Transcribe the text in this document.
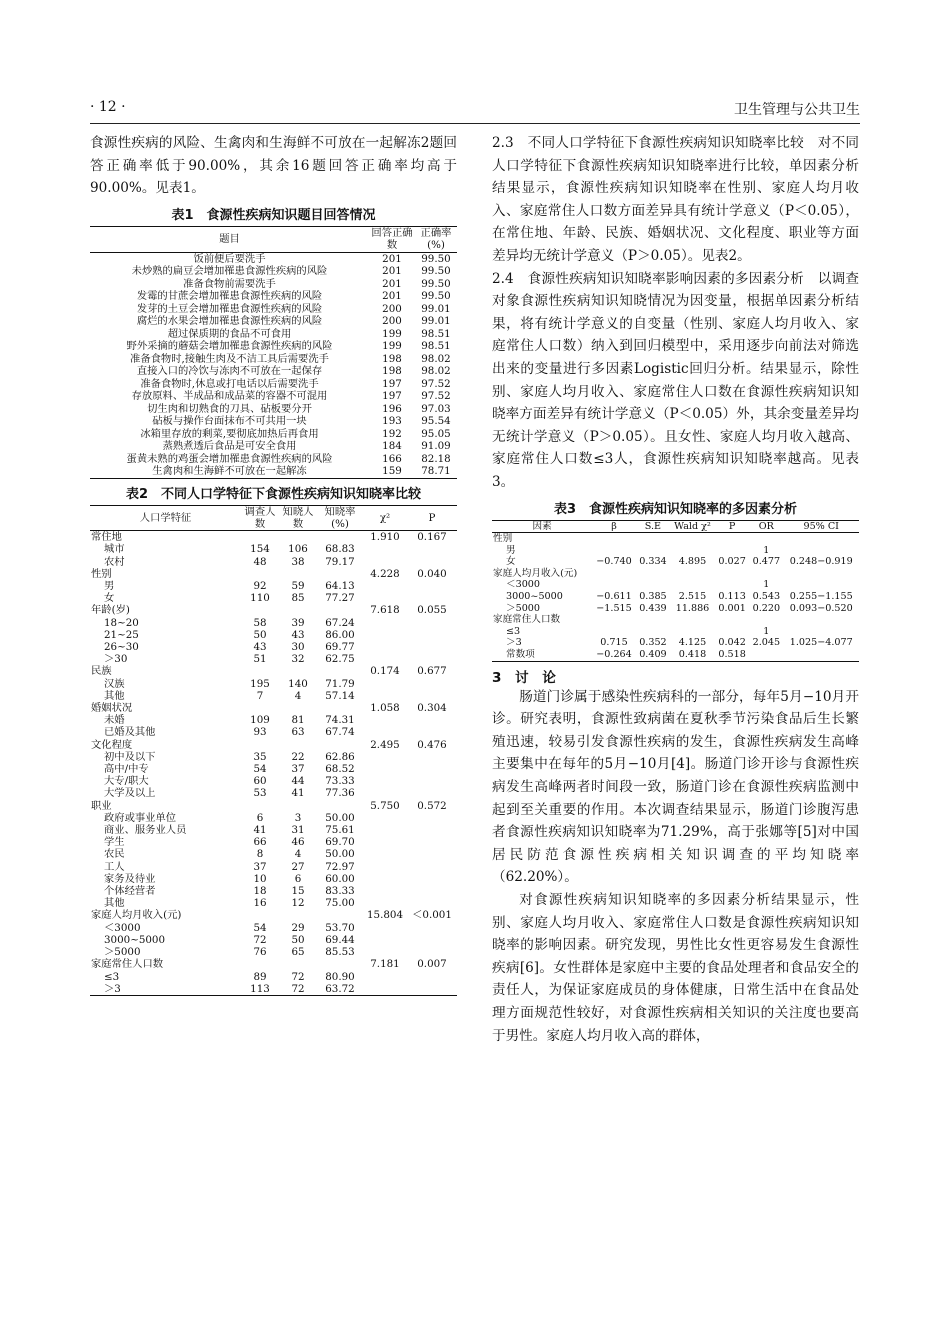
· 12 ·	卫生管理与公共卫生

食源性疾病的风险、生禽肉和生海鲜不可放在一起解冻2题回答正确率低于90.00%，其余16题回答正确率均高于90.00%。见表1。

表1　食源性疾病知识题目回答情况
题目	回答正确数	正确率(%)
饭前便后要洗手	201	99.50
未炒熟的扁豆会增加罹患食源性疾病的风险	201	99.50
准备食物前需要洗手	201	99.50
发霉的甘蔗会增加罹患食源性疾病的风险	201	99.50
发芽的土豆会增加罹患食源性疾病的风险	200	99.01
腐烂的水果会增加罹患食源性疾病的风险	200	99.01
超过保质期的食品不可食用	199	98.51
野外采摘的蘑菇会增加罹患食源性疾病的风险	199	98.51
准备食物时,接触生肉及不洁工具后需要洗手	198	98.02
直接入口的冷饮与冻肉不可放在一起保存	198	98.02
准备食物时,休息或打电话以后需要洗手	197	97.52
存放原料、半成品和成品菜的容器不可混用	197	97.52
切生肉和切熟食的刀具、砧板要分开	196	97.03
砧板与操作台面抹布不可共用一块	193	95.54
冰箱里存放的剩菜,要彻底加热后再食用	192	95.05
蒸熟煮透后食品是可安全食用	184	91.09
蛋黄未熟的鸡蛋会增加罹患食源性疾病的风险	166	82.18
生禽肉和生海鲜不可放在一起解冻	159	78.71
表2　不同人口学特征下食源性疾病知识知晓率比较
人口学特征	调查人数	知晓人数	知晓率(%)	χ²	P
常住地				1.910	0.167
城市	154	106	68.83		
农村	48	38	79.17		
性别				4.228	0.040
男	92	59	64.13		
女	110	85	77.27		
年龄(岁)				7.618	0.055
18~20	58	39	67.24		
21~25	50	43	86.00		
26~30	43	30	69.77		
＞30	51	32	62.75		
民族				0.174	0.677
汉族	195	140	71.79		
其他	7	4	57.14		
婚姻状况				1.058	0.304
未婚	109	81	74.31		
已婚及其他	93	63	67.74		
文化程度				2.495	0.476
初中及以下	35	22	62.86		
高中/中专	54	37	68.52		
大专/职大	60	44	73.33		
大学及以上	53	41	77.36		
职业				5.750	0.572
政府或事业单位	6	3	50.00		
商业、服务业人员	41	31	75.61		
学生	66	46	69.70		
农民	8	4	50.00		
工人	37	27	72.97		
家务及待业	10	6	60.00		
个体经营者	18	15	83.33		
其他	16	12	75.00		
家庭人均月收入(元)				15.804	＜0.001
＜3000	54	29	53.70		
3000~5000	72	50	69.44		
＞5000	76	65	85.53		
家庭常住人口数				7.181	0.007
≤3	89	72	80.90		
＞3	113	72	63.72		

2.3　不同人口学特征下食源性疾病知识知晓率比较　对不同人口学特征下食源性疾病知识知晓率进行比较，单因素分析结果显示，食源性疾病知识知晓率在性别、家庭人均月收入、家庭常住人口数方面差异具有统计学意义（P＜0.05），在常住地、年龄、民族、婚姻状况、文化程度、职业等方面差异均无统计学意义（P＞0.05）。见表2。

2.4　食源性疾病知识知晓率影响因素的多因素分析　以调查对象食源性疾病知识知晓情况为因变量，根据单因素分析结果，将有统计学意义的自变量（性别、家庭人均月收入、家庭常住人口数）纳入到回归模型中，采用逐步向前法对筛选出来的变量进行多因素Logistic回归分析。结果显示，除性别、家庭人均月收入、家庭常住人口数在食源性疾病知识知晓率方面差异有统计学意义（P＜0.05）外，其余变量差异均无统计学意义（P＞0.05）。且女性、家庭人均月收入越高、家庭常住人口数≤3人，食源性疾病知识知晓率越高。见表3。

表3　食源性疾病知识知晓率的多因素分析
因素	β	S.E	Wald χ²	P	OR	95% CI
性别						
男					1	
女	−0.740	0.334	4.895	0.027	0.477	0.248−0.919
家庭人均月收入(元)						
＜3000					1	
3000~5000	−0.611	0.385	2.515	0.113	0.543	0.255−1.155
＞5000	−1.515	0.439	11.886	0.001	0.220	0.093−0.520
家庭常住人口数						
≤3					1	
＞3	0.715	0.352	4.125	0.042	2.045	1.025−4.077
常数项	−0.264	0.409	0.418	0.518		
3　讨　论

肠道门诊属于感染性疾病科的一部分，每年5月−10月开诊。研究表明，食源性致病菌在夏秋季节污染食品后生长繁殖迅速，较易引发食源性疾病的发生，食源性疾病发生高峰主要集中在每年的5月−10月[4]。肠道门诊开诊与食源性疾病发生高峰两者时间段一致，肠道门诊在食源性疾病监测中起到至关重要的作用。本次调查结果显示，肠道门诊腹泻患者食源性疾病知识知晓率为71.29%，高于张娜等[5]对中国居民防范食源性疾病相关知识调查的平均知晓率（62.20%）。

对食源性疾病知识知晓率的多因素分析结果显示，性别、家庭人均月收入、家庭常住人口数是食源性疾病知识知晓率的影响因素。研究发现，男性比女性更容易发生食源性疾病[6]。女性群体是家庭中主要的食品处理者和食品安全的责任人，为保证家庭成员的身体健康，日常生活中在食品处理方面规范性较好，对食源性疾病相关知识的关注度也要高于男性。家庭人均月收入高的群体，
